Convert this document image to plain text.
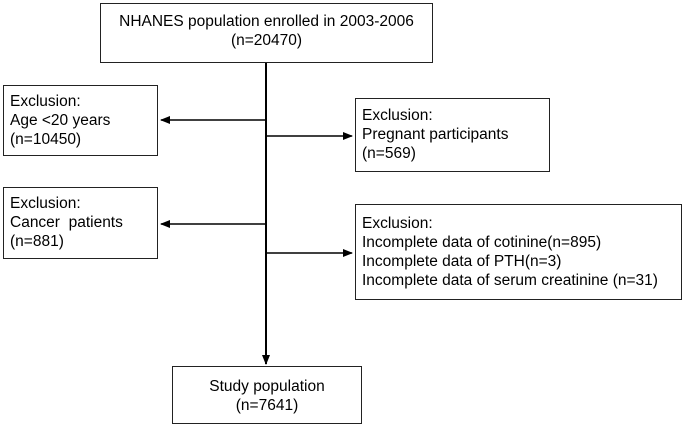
NHANES population enrolled in 2003-2006
(n=20470)
Exclusion:
Age <20 years
(n=10450)
Exclusion:
Pregnant participants
(n=569)
Exclusion:
Cancer  patients
(n=881)
Exclusion:
Incomplete data of cotinine(n=895)
Incomplete data of PTH(n=3)
Incomplete data of serum creatinine (n=31)
Study population
(n=7641)
